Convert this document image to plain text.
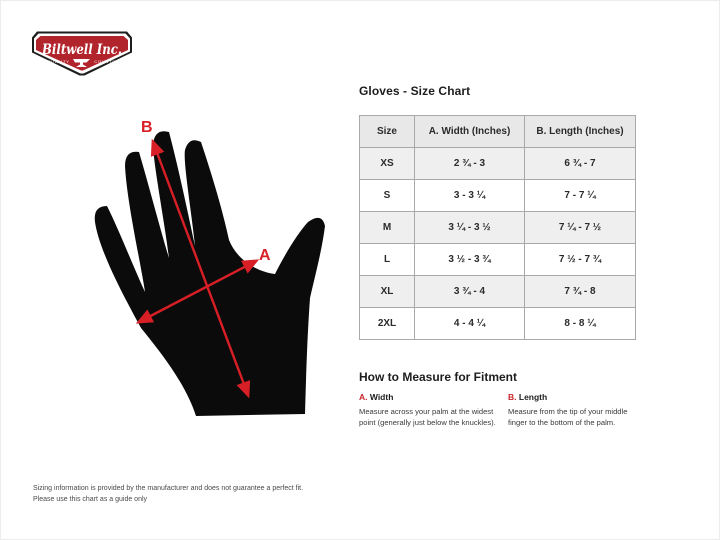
Biltwell Inc.
QUALITY	COUNTS
B
A
Gloves - Size Chart
Size	A. Width (Inches)	B. Length (Inches)
XS	2 ¾ - 3	6 ¾ - 7
S	3 - 3 ¼	7 - 7 ¼
M	3 ¼ - 3 ½	7 ¼ - 7 ½
L	3 ½ - 3 ¾	7 ½ - 7 ¾
XL	3 ¾ - 4	7 ¾ - 8
2XL	4 - 4 ¼	8 - 8 ¼
How to Measure for Fitment
A. Width
Measure across your palm at the widest point (generally just below the knuckles).
B. Length
Measure from the tip of your middle finger to the bottom of the palm.
Sizing information is provided by the manufacturer and does not guarantee a perfect fit.
Please use this chart as a guide only
